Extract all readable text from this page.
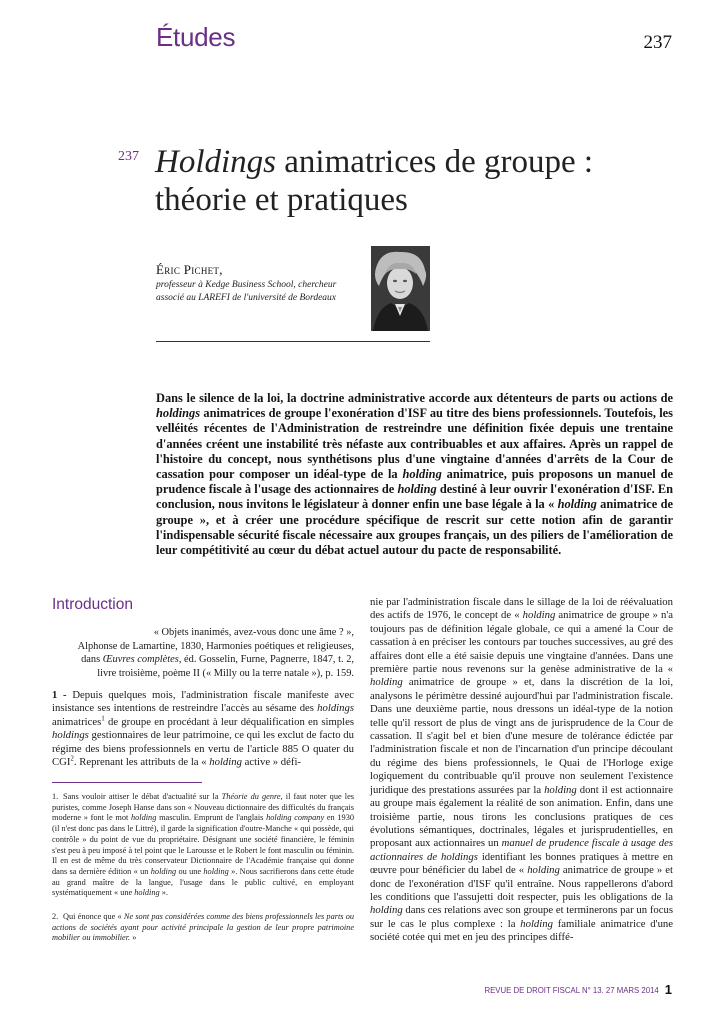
Études	237
237 Holdings animatrices de groupe :
théorie et pratiques
Éric Pichet,
professeur à Kedge Business School, chercheur associé au LAREFI de l'université de Bordeaux
Dans le silence de la loi, la doctrine administrative accorde aux détenteurs de parts ou actions de holdings animatrices de groupe l'exonération d'ISF au titre des biens professionnels. Toutefois, les velléités récentes de l'Administration de restreindre une définition fixée depuis une trentaine d'années créent une instabilité très néfaste aux contribuables et aux affaires. Après un rappel de l'histoire du concept, nous synthétisons plus d'une vingtaine d'années d'arrêts de la Cour de cassation pour composer un idéal-type de la holding animatrice, puis proposons un manuel de prudence fiscale à l'usage des actionnaires de holding destiné à leur ouvrir l'exonération d'ISF. En conclusion, nous invitons le législateur à donner enfin une base légale à la « holding animatrice de groupe », et à créer une procédure spécifique de rescrit sur cette notion afin de garantir l'indispensable sécurité fiscale nécessaire aux groupes français, un des piliers de l'amélioration de leur compétitivité au cœur du débat actuel autour du pacte de responsabilité.
Introduction
« Objets inanimés, avez-vous donc une âme ? »,
Alphonse de Lamartine, 1830, Harmonies poétiques et religieuses,
dans Œuvres complètes, éd. Gosselin, Furne, Pagnerre, 1847, t. 2,
livre troisième, poème II (« Milly ou la terre natale »), p. 159.
1 - Depuis quelques mois, l'administration fiscale manifeste avec insistance ses intentions de restreindre l'accès au sésame des holdings animatrices$^1$ de groupe en procédant à leur déqualification en simples holdings gestionnaires de leur patrimoine, ce qui les exclut de facto du régime des biens professionnels en vertu de l'article 885 O quater du CGI$^2$. Reprenant les attributs de la « holding active » défi-
1. Sans vouloir attiser le débat d'actualité sur la Théorie du genre, il faut noter que les puristes, comme Joseph Hanse dans son « Nouveau dictionnaire des difficultés du français moderne » font le mot holding masculin. Emprunt de l'anglais holding company en 1930 (il n'est donc pas dans le Littré), il garde la signification d'outre-Manche « qui possède, qui contrôle » du point de vue du propriétaire. Désignant une société financière, le féminin s'est peu à peu imposé à tel point que le Larousse et le Robert le font masculin ou féminin. Il en est de même du très conservateur Dictionnaire de l'Académie française qui donne dans sa dernière édition « un holding ou une holding ». Nous sacrifierons dans cette étude au grand maître de la langue, l'usage dans le public cultivé, en employant systématiquement « une holding ».
2. Qui énonce que « Ne sont pas considérées comme des biens professionnels les parts ou actions de sociétés ayant pour activité principale la gestion de leur propre patrimoine mobilier ou immobilier. »
nie par l'administration fiscale dans le sillage de la loi de réévaluation des actifs de 1976, le concept de « holding animatrice de groupe » n'a toujours pas de définition légale globale, ce qui a amené la Cour de cassation à en préciser les contours par touches successives, au gré des affaires dont elle a été saisie depuis une vingtaine d'années. Dans une première partie nous revenons sur la genèse administrative de la « holding animatrice de groupe » et, dans la discrétion de la loi, analysons le périmètre dessiné aujourd'hui par l'administration fiscale. Dans une deuxième partie, nous dressons un idéal-type de la notion telle qu'il ressort de plus de vingt ans de jurisprudence de la Cour de cassation. Il s'agit bel et bien d'une mesure de tolérance édictée par l'administration fiscale et non de l'incarnation d'un principe découlant du régime des biens professionnels, le Quai de l'Horloge exige logiquement du contribuable qu'il prouve non seulement l'existence juridique des prestations assurées par la holding dont il est actionnaire au groupe mais également la réalité de son animation. Enfin, dans une troisième partie, nous tirons les conclusions pratiques de ces évolutions sémantiques, doctrinales, légales et jurisprudentielles, en proposant aux actionnaires un manuel de prudence fiscale à usage des actionnaires de holdings identifiant les bonnes pratiques à mettre en œuvre pour bénéficier du label de « holding animatrice de groupe » et donc de l'exonération d'ISF qu'il entraîne. Nous rappellerons d'abord les conditions que l'assujetti doit respecter, puis les obligations de la holding dans ces relations avec son groupe et terminerons par un focus sur le cas le plus complexe : la holding familiale animatrice d'une société cotée qui met en jeu des principes diffé-
REVUE DE DROIT FISCAL N° 13. 27 MARS 2014 1
